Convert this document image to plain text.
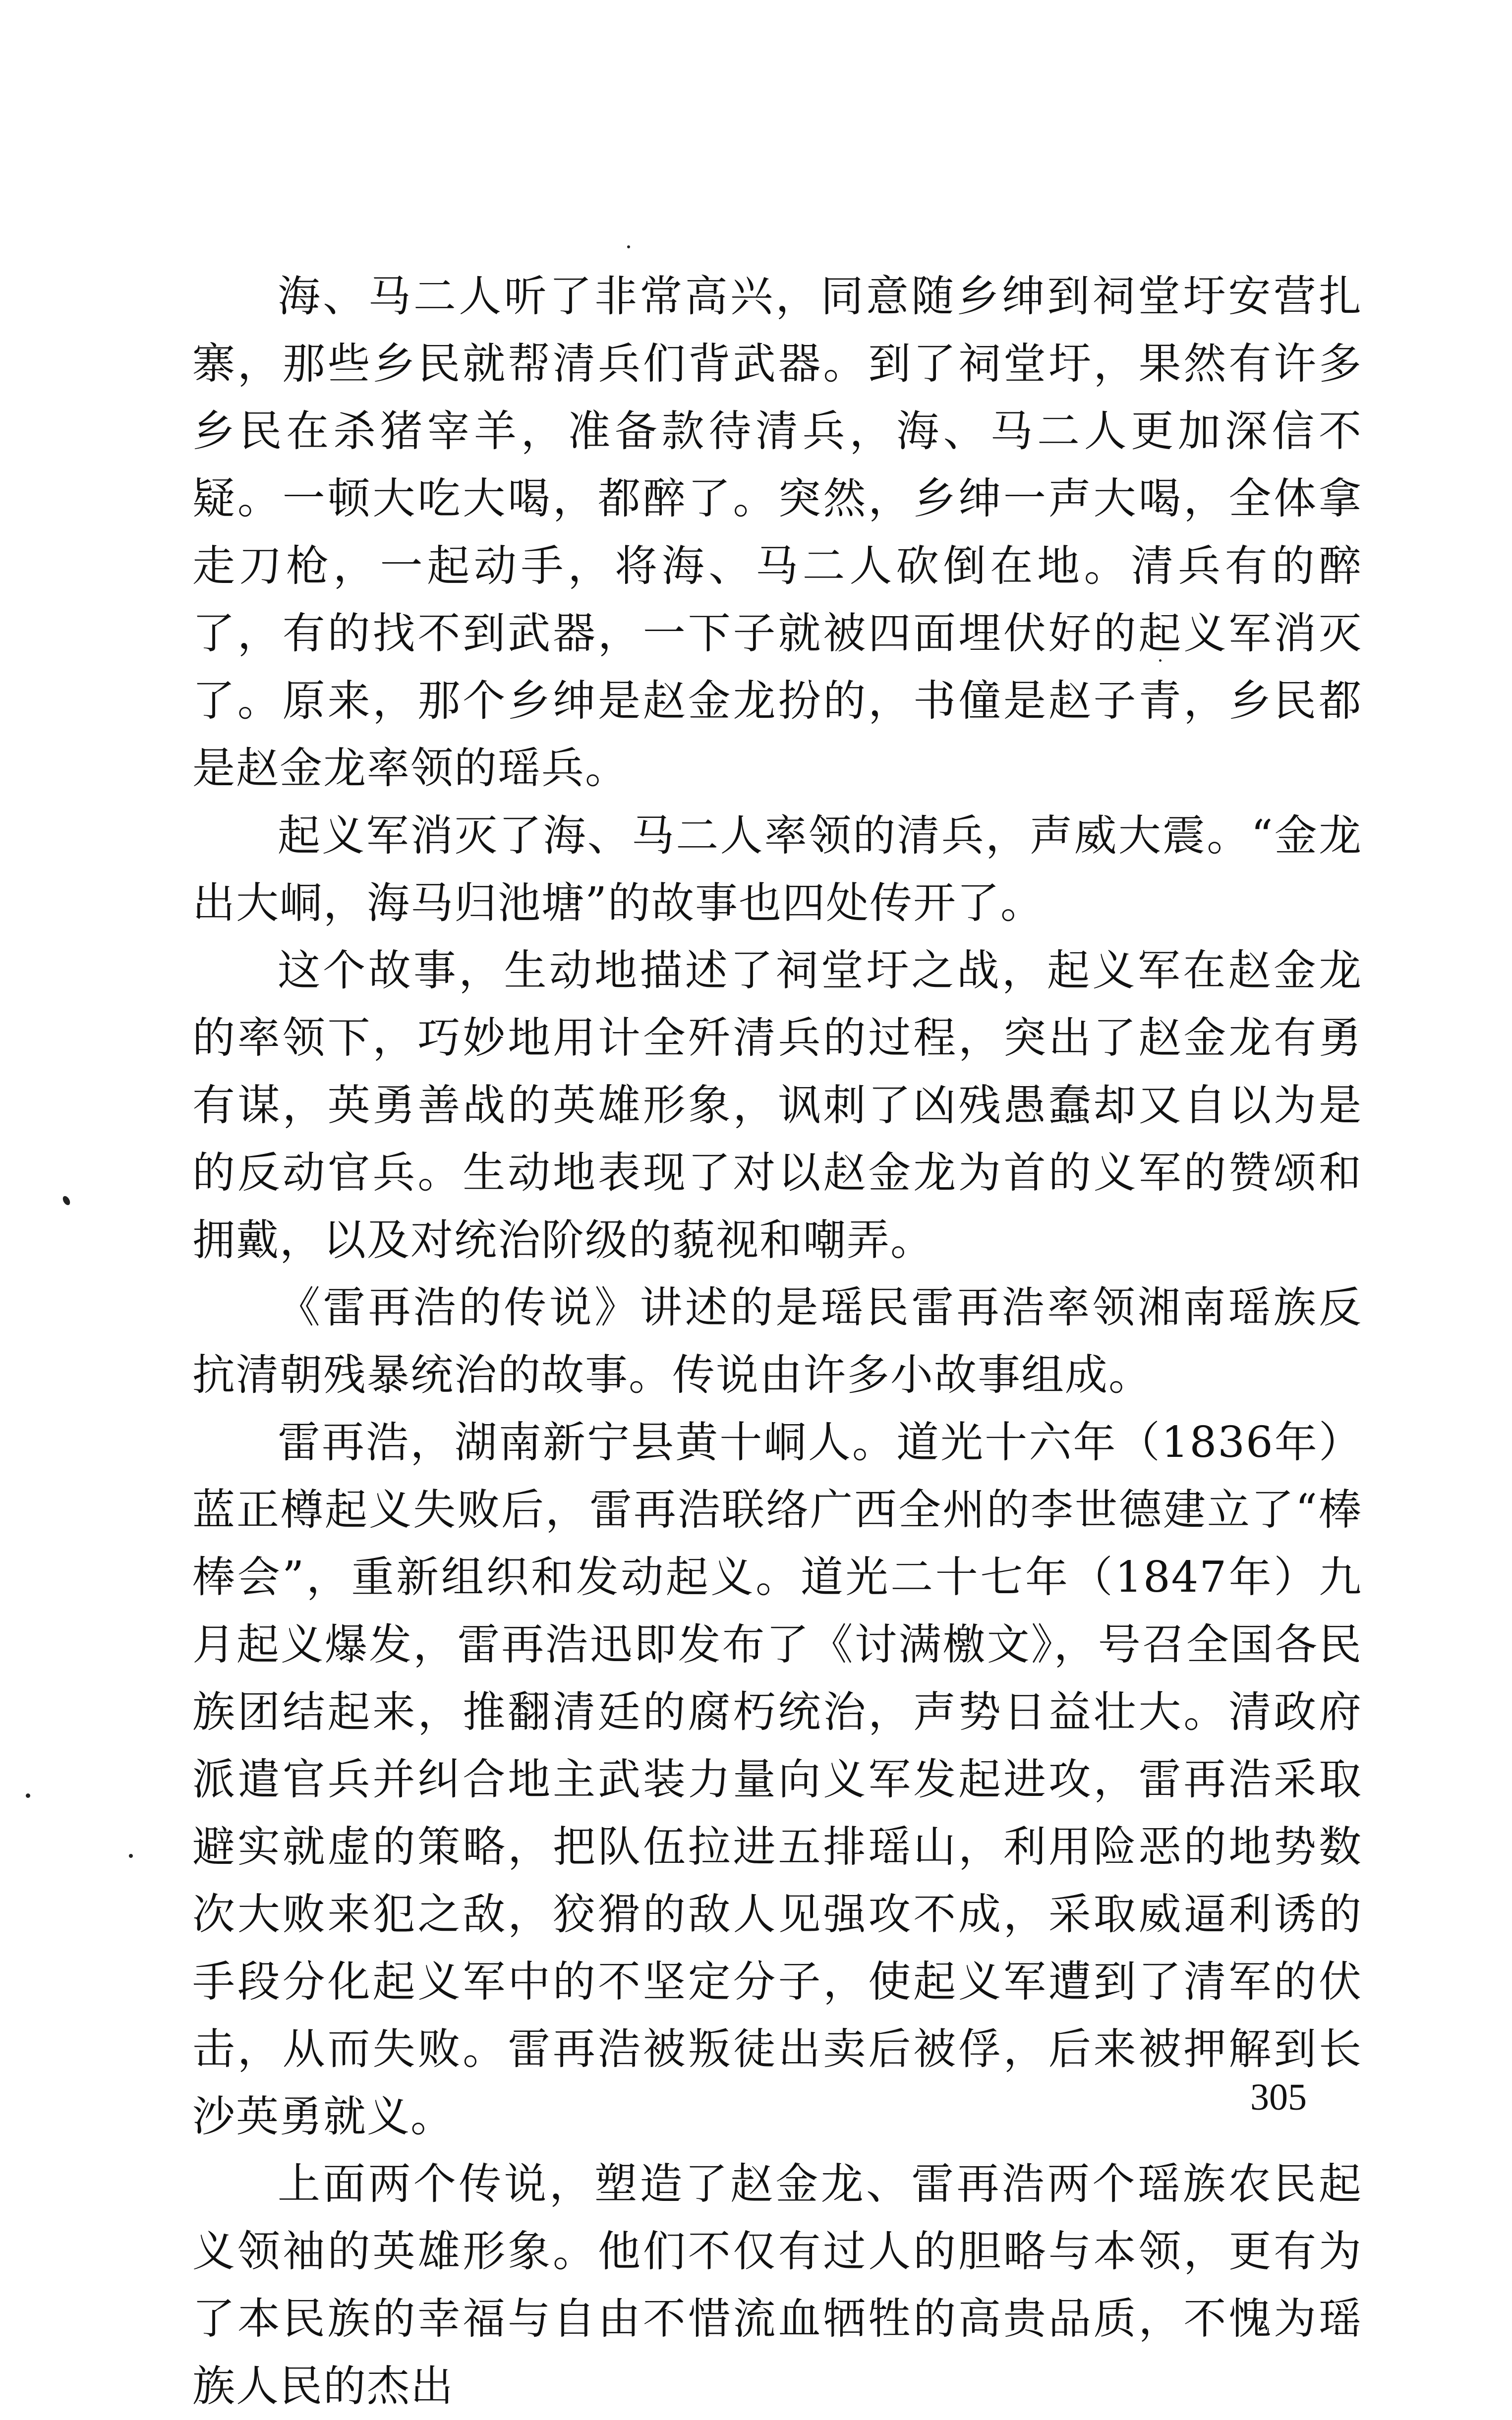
海、马二人听了非常高兴，同意随乡绅到祠堂圩安营扎寨，那些乡民就帮清兵们背武器。到了祠堂圩，果然有许多乡民在杀猪宰羊，准备款待清兵，海、马二人更加深信不疑。一顿大吃大喝，都醉了。突然，乡绅一声大喝，全体拿走刀枪，一起动手，将海、马二人砍倒在地。清兵有的醉了，有的找不到武器，一下子就被四面埋伏好的起义军消灭了。原来，那个乡绅是赵金龙扮的，书僮是赵子青，乡民都是赵金龙率领的瑶兵。

起义军消灭了海、马二人率领的清兵，声威大震。“金龙出大峒，海马归池塘”的故事也四处传开了。

这个故事，生动地描述了祠堂圩之战，起义军在赵金龙的率领下，巧妙地用计全歼清兵的过程，突出了赵金龙有勇有谋，英勇善战的英雄形象，讽刺了凶残愚蠢却又自以为是的反动官兵。生动地表现了对以赵金龙为首的义军的赞颂和拥戴，以及对统治阶级的藐视和嘲弄。

《雷再浩的传说》讲述的是瑶民雷再浩率领湘南瑶族反抗清朝残暴统治的故事。传说由许多小故事组成。

雷再浩，湖南新宁县黄十峒人。道光十六年（1836年）蓝正樽起义失败后，雷再浩联络广西全州的李世德建立了“棒棒会”，重新组织和发动起义。道光二十七年（1847年）九月起义爆发，雷再浩迅即发布了《讨满檄文》，号召全国各民族团结起来，推翻清廷的腐朽统治，声势日益壮大。清政府派遣官兵并纠合地主武装力量向义军发起进攻，雷再浩采取避实就虚的策略，把队伍拉进五排瑶山，利用险恶的地势数次大败来犯之敌，狡猾的敌人见强攻不成，采取威逼利诱的手段分化起义军中的不坚定分子，使起义军遭到了清军的伏击，从而失败。雷再浩被叛徒出卖后被俘，后来被押解到长沙英勇就义。

上面两个传说，塑造了赵金龙、雷再浩两个瑶族农民起义领袖的英雄形象。他们不仅有过人的胆略与本领，更有为了本民族的幸福与自由不惜流血牺牲的高贵品质，不愧为瑶族人民的杰出

305
